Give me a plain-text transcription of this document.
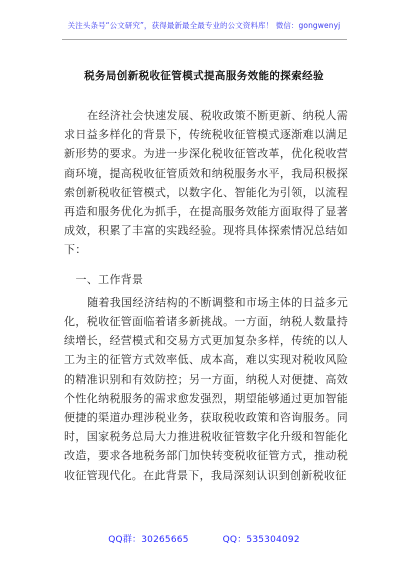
关注头条号“公文研究”，获得最新最全最专业的公文资料库！ 微信：gongwenyj
税务局创新税收征管模式提高服务效能的探索经验

在经济社会快速发展、税收政策不断更新、纳税人需求日益多样化的背景下，传统税收征管模式逐渐难以满足新形势的要求。为进一步深化税收征管改革，优化税收营商环境，提高税收征管质效和纳税服务水平，我局积极探索创新税收征管模式，以数字化、智能化为引领，以流程再造和服务优化为抓手，在提高服务效能方面取得了显著成效，积累了丰富的实践经验。现将具体探索情况总结如下：

一、工作背景

随着我国经济结构的不断调整和市场主体的日益多元化，税收征管面临着诸多新挑战。一方面，纳税人数量持续增长，经营模式和交易方式更加复杂多样，传统的以人工为主的征管方式效率低、成本高，难以实现对税收风险的精准识别和有效防控；另一方面，纳税人对便捷、高效个性化纳税服务的需求愈发强烈，期望能够通过更加智能便捷的渠道办理涉税业务，获取税收政策和咨询服务。同时，国家税务总局大力推进税收征管数字化升级和智能化改造，要求各地税务部门加快转变税收征管方式，推动税收征管现代化。在此背景下，我局深刻认识到创新税收征

QQ群：30265665	QQ：535304092
